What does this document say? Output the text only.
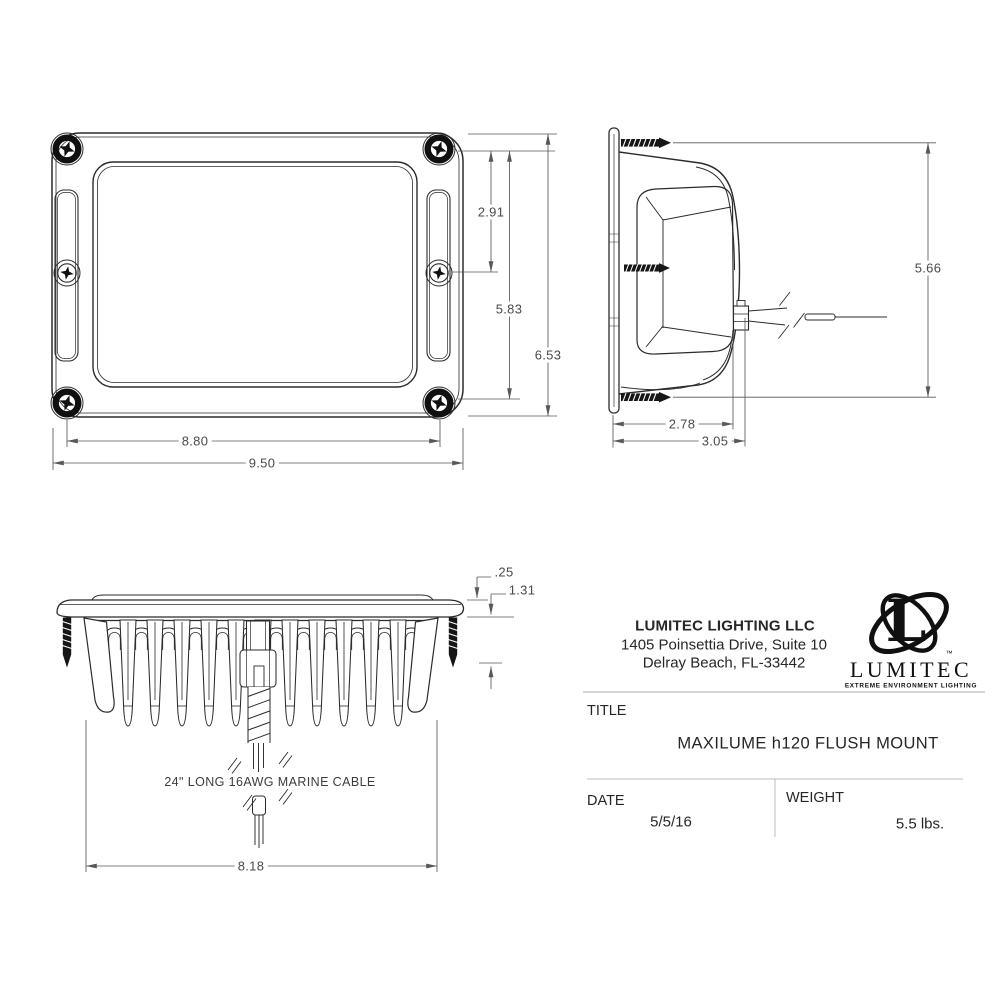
2.91
5.83
6.53
8.80
9.50
5.66
2.78
3.05
.25
1.31
8.18
24" LONG 16AWG MARINE CABLE
LUMITEC LIGHTING LLC
1405 Poinsettia Drive, Suite 10
Delray Beach, FL-33442
L	™
LUMITEC
EXTREME ENVIRONMENT LIGHTING
TITLE
MAXILUME h120 FLUSH MOUNT
DATE
5/5/16
WEIGHT
5.5 lbs.
